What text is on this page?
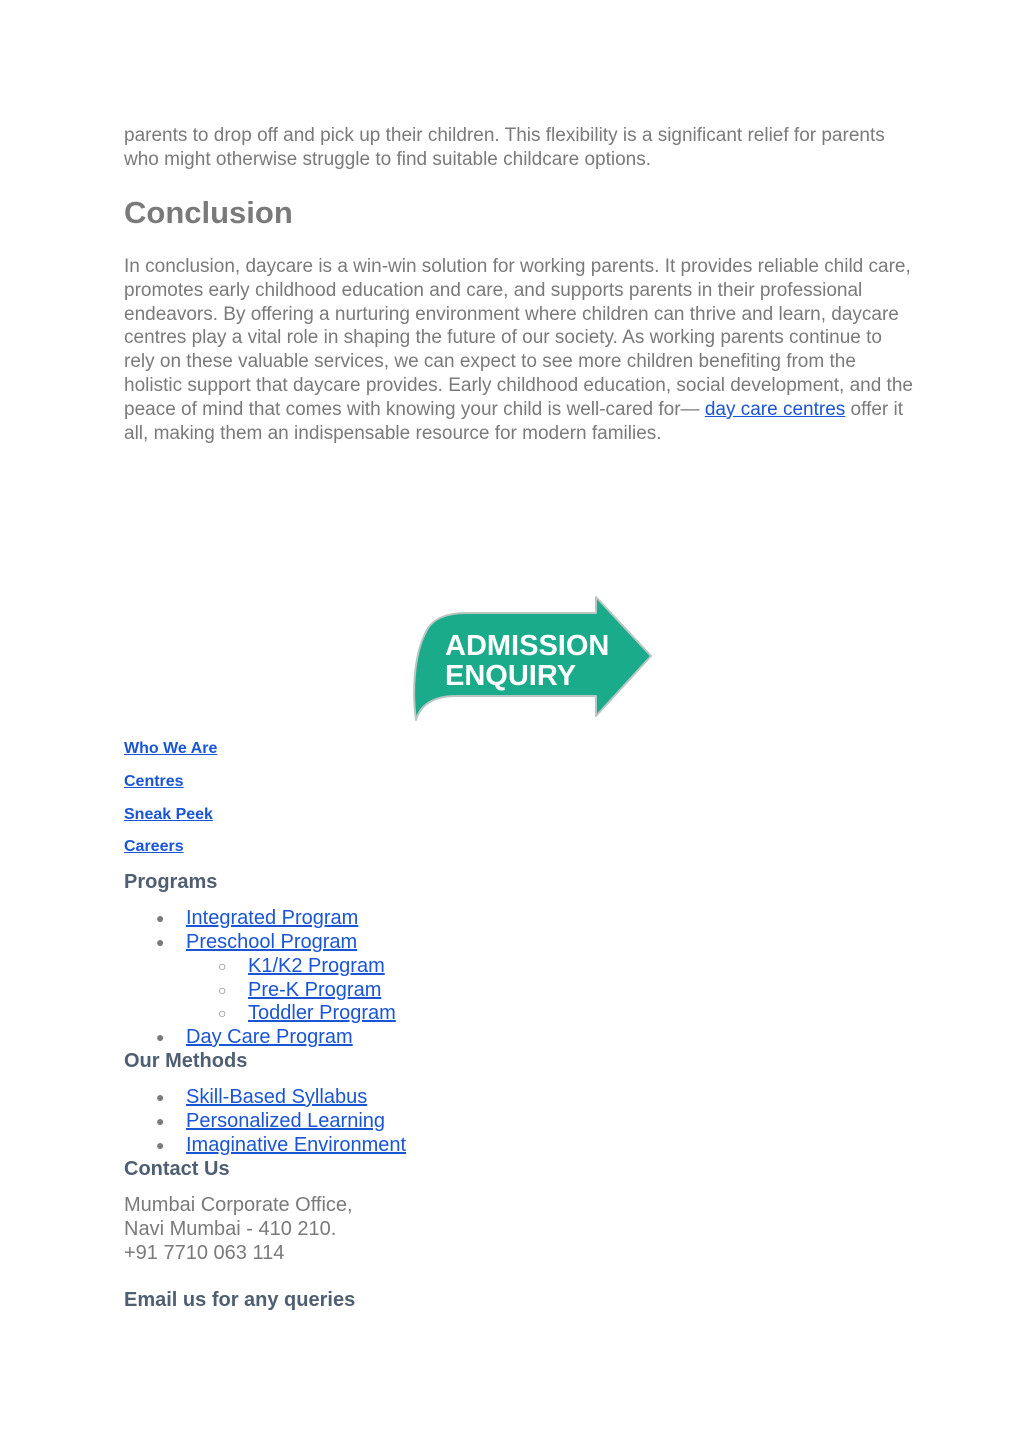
parents to drop off and pick up their children. This flexibility is a significant relief for parents who might otherwise struggle to find suitable childcare options.

Conclusion

In conclusion, daycare is a win-win solution for working parents. It provides reliable child care, promotes early childhood education and care, and supports parents in their professional endeavors. By offering a nurturing environment where children can thrive and learn, daycare centres play a vital role in shaping the future of our society. As working parents continue to rely on these valuable services, we can expect to see more children benefiting from the holistic support that daycare provides. Early childhood education, social development, and the peace of mind that comes with knowing your child is well-cared for— day care centres offer it all, making them an indispensable resource for modern families.

ADMISSION
ENQUIRY
Who We Are
Centres
Sneak Peek
Careers
Programs
● Integrated Program
● Preschool Program
○ K1/K2 Program
○ Pre-K Program
○ Toddler Program
● Day Care Program
Our Methods
● Skill-Based Syllabus
● Personalized Learning
● Imaginative Environment
Contact Us

Mumbai Corporate Office,
Navi Mumbai - 410 210.
+91 7710 063 114

Email us for any queries
